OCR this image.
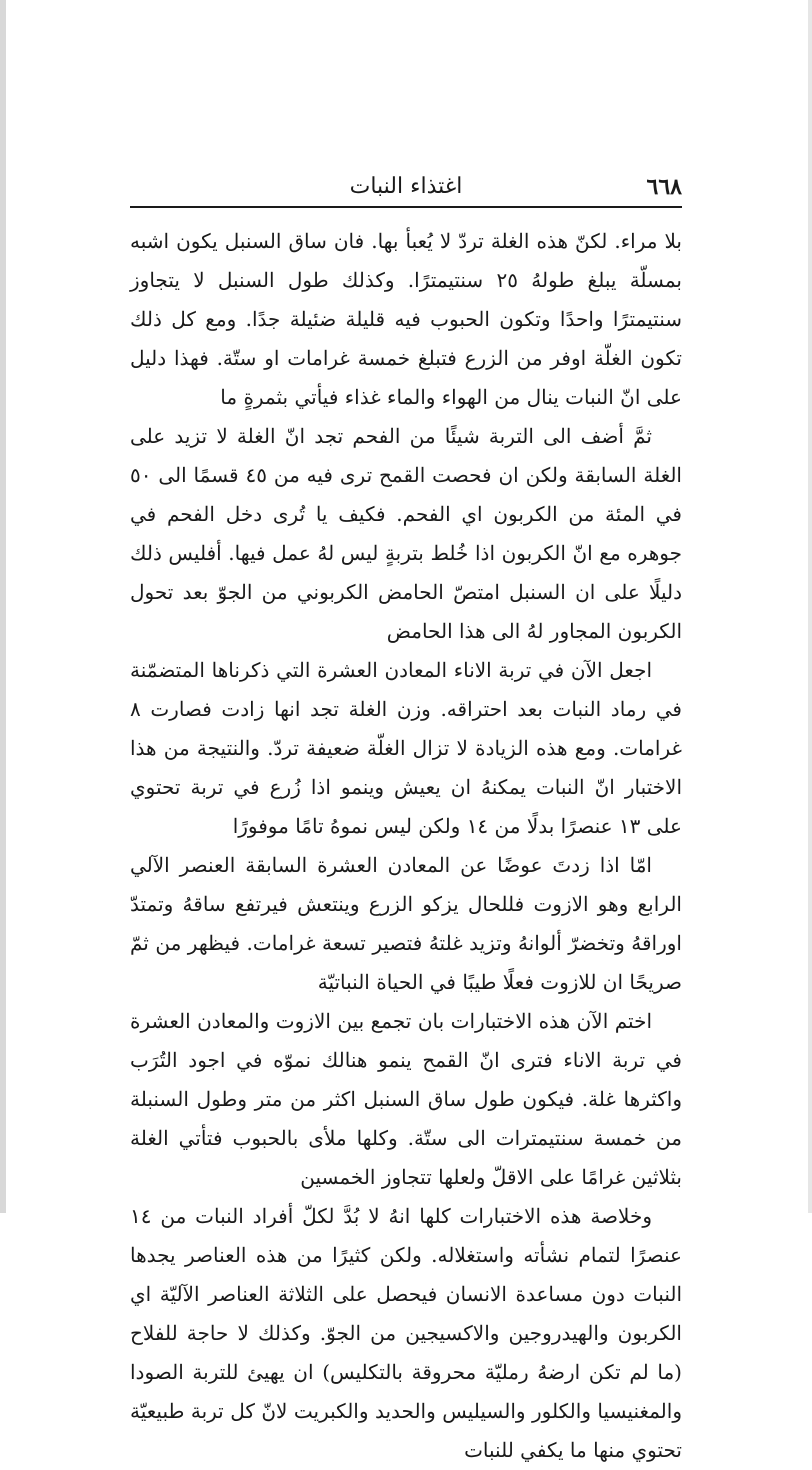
٦٦٨
اغتذاء النبات

بلا مراء. لكنّ هذه الغلة تردّ لا يُعبأ بها. فان ساق السنبل يكون اشبه بمسلّة يبلغ طولهُ ٢٥ سنتيمترًا. وكذلك طول السنبل لا يتجاوز سنتيمترًا واحدًا وتكون الحبوب فيه قليلة ضئيلة جدًا. ومع كل ذلك تكون الغلّة اوفر من الزرع فتبلغ خمسة غرامات او ستّة. فهذا دليل على انّ النبات ينال من الهواء والماء غذاء فيأتي بثمرةٍ ما

ثمَّ أضف الى التربة شيئًا من الفحم تجد انّ الغلة لا تزيد على الغلة السابقة ولكن ان فحصت القمح ترى فيه من ٤٥ قسمًا الى ٥٠ في المئة من الكربون اي الفحم. فكيف يا تُرى دخل الفحم في جوهره مع انّ الكربون اذا خُلط بتربةٍ ليس لهُ عمل فيها. أفليس ذلك دليلًا على ان السنبل امتصّ الحامض الكربوني من الجوّ بعد تحول الكربون المجاور لهُ الى هذا الحامض

اجعل الآن في تربة الاناء المعادن العشرة التي ذكرناها المتضمّنة في رماد النبات بعد احتراقه. وزن الغلة تجد انها زادت فصارت ٨ غرامات. ومع هذه الزيادة لا تزال الغلّة ضعيفة تردّ. والنتيجة من هذا الاختبار انّ النبات يمكنهُ ان يعيش وينمو اذا زُرع في تربة تحتوي على ١٣ عنصرًا بدلًا من ١٤ ولكن ليس نموهُ تامًا موفورًا

امّا اذا زدتَ عوضًا عن المعادن العشرة السابقة العنصر الآلي الرابع وهو الازوت فللحال يزكو الزرع وينتعش فيرتفع ساقهُ وتمتدّ اوراقهُ وتخضرّ ألوانهُ وتزيد غلتهُ فتصير تسعة غرامات. فيظهر من ثمّ صريحًا ان للازوت فعلًا طيبًا في الحياة النباتيّة

اختم الآن هذه الاختبارات بان تجمع بين الازوت والمعادن العشرة في تربة الاناء فترى انّ القمح ينمو هنالك نموّه في اجود التُرَب واكثرها غلة. فيكون طول ساق السنبل اكثر من متر وطول السنبلة من خمسة سنتيمترات الى ستّة. وكلها ملأى بالحبوب فتأتي الغلة بثلاثين غرامًا على الاقلّ ولعلها تتجاوز الخمسين

وخلاصة هذه الاختبارات كلها انهُ لا بُدَّ لكلّ أفراد النبات من ١٤ عنصرًا لتمام نشأته واستغلاله. ولكن كثيرًا من هذه العناصر يجدها النبات دون مساعدة الانسان فيحصل على الثلاثة العناصر الآليّة اي الكربون والهيدروجين والاكسيجين من الجوّ. وكذلك لا حاجة للفلاح (ما لم تكن ارضهُ رمليّة محروقة بالتكليس) ان يهيئ للتربة الصودا والمغنيسيا والكلور والسيليس والحديد والكبريت لانّ كل تربة طبيعيّة تحتوي منها ما يكفي للنبات
